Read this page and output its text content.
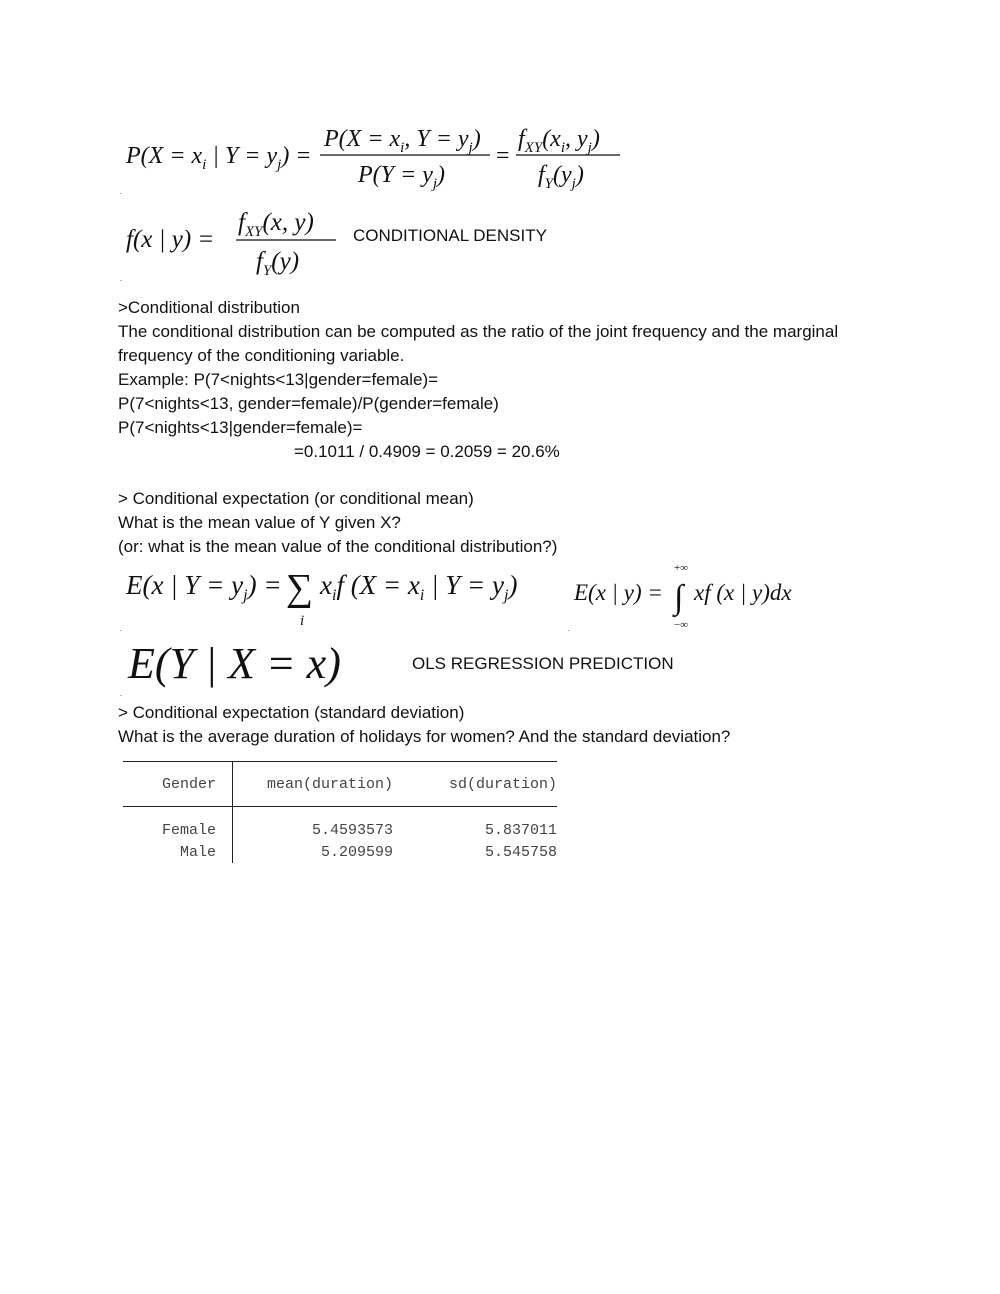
$P(X = x_i$ | $Y = y_j$) =
$P(X = x_i$, $Y = y_j$)
$P(Y = y_j)$
=
$f_{XY}(x_i$, $y_j$)
$f_Y(y_j)$
f(x | y) =
$f_{XY}(x$, y)
$f_Y(y)$
CONDITIONAL DENSITY
>Conditional distribution
The conditional distribution can be computed as the ratio of the joint frequency and the marginal
frequency of the conditioning variable.
Example: P(7<nights<13|gender=female)=
P(7<nights<13, gender=female)/P(gender=female)
P(7<nights<13|gender=female)=
=0.1011 / 0.4909 = 0.2059 = 20.6%
> Conditional expectation (or conditional mean)
What is the mean value of Y given X?
(or: what is the mean value of the conditional distribution?)
E(x | $Y = y_j$) = ∑
i
$x_if$ ($X = x_i$ | $Y = y_j$)
+∞
E(x | y) = ∫
−∞
xf (x | y)dx
E(Y | X = x)	OLS REGRESSION PREDICTION
> Conditional expectation (standard deviation)
What is the average duration of holidays for women? And the standard deviation?
Gender	mean(duration)	sd(duration)
Female	5.4593573	5.837011
Male	5.209599	5.545758
